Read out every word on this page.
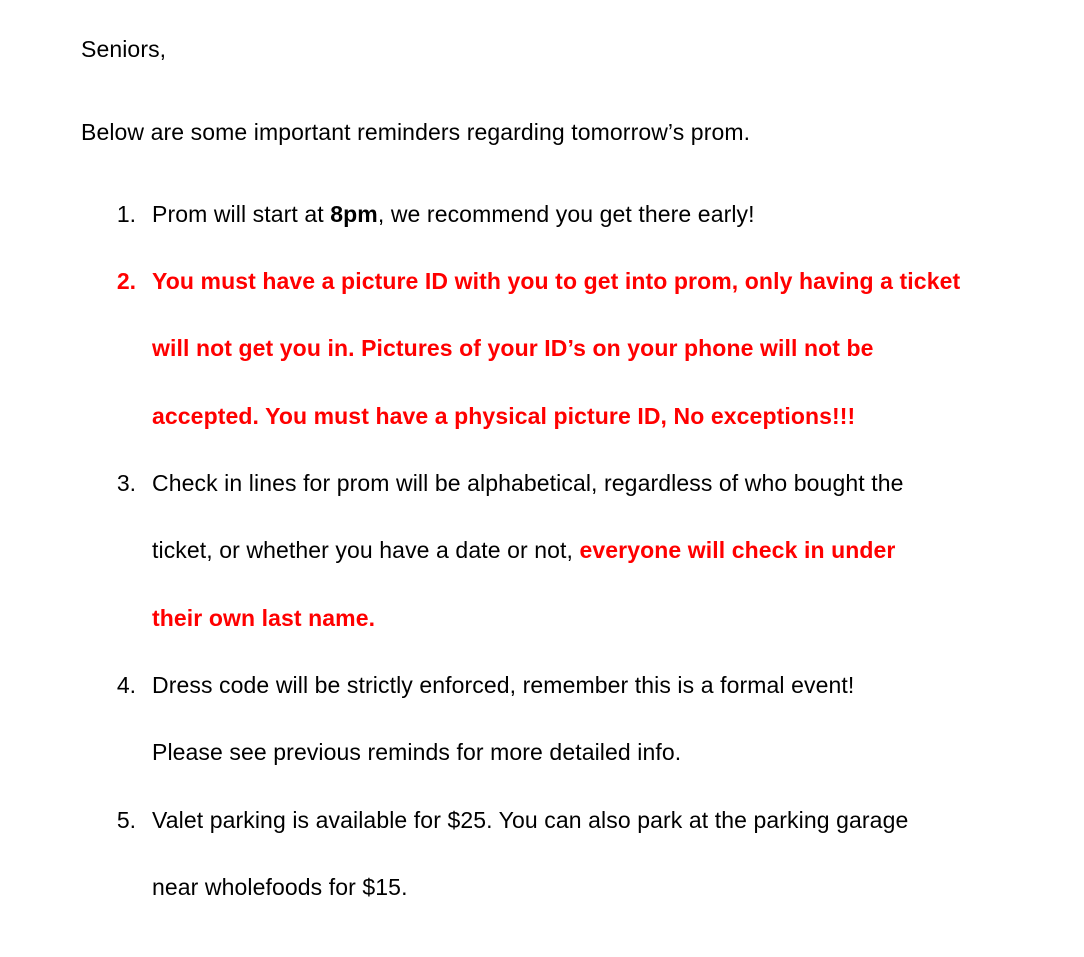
Seniors,
Below are some important reminders regarding tomorrow’s prom.
1. Prom will start at 8pm, we recommend you get there early!
2. You must have a picture ID with you to get into prom, only having a ticket
will not get you in. Pictures of your ID’s on your phone will not be
accepted. You must have a physical picture ID, No exceptions!!!
3. Check in lines for prom will be alphabetical, regardless of who bought the
ticket, or whether you have a date or not, everyone will check in under
their own last name.
4. Dress code will be strictly enforced, remember this is a formal event!
Please see previous reminds for more detailed info.
5. Valet parking is available for $25. You can also park at the parking garage
near wholefoods for $15.
